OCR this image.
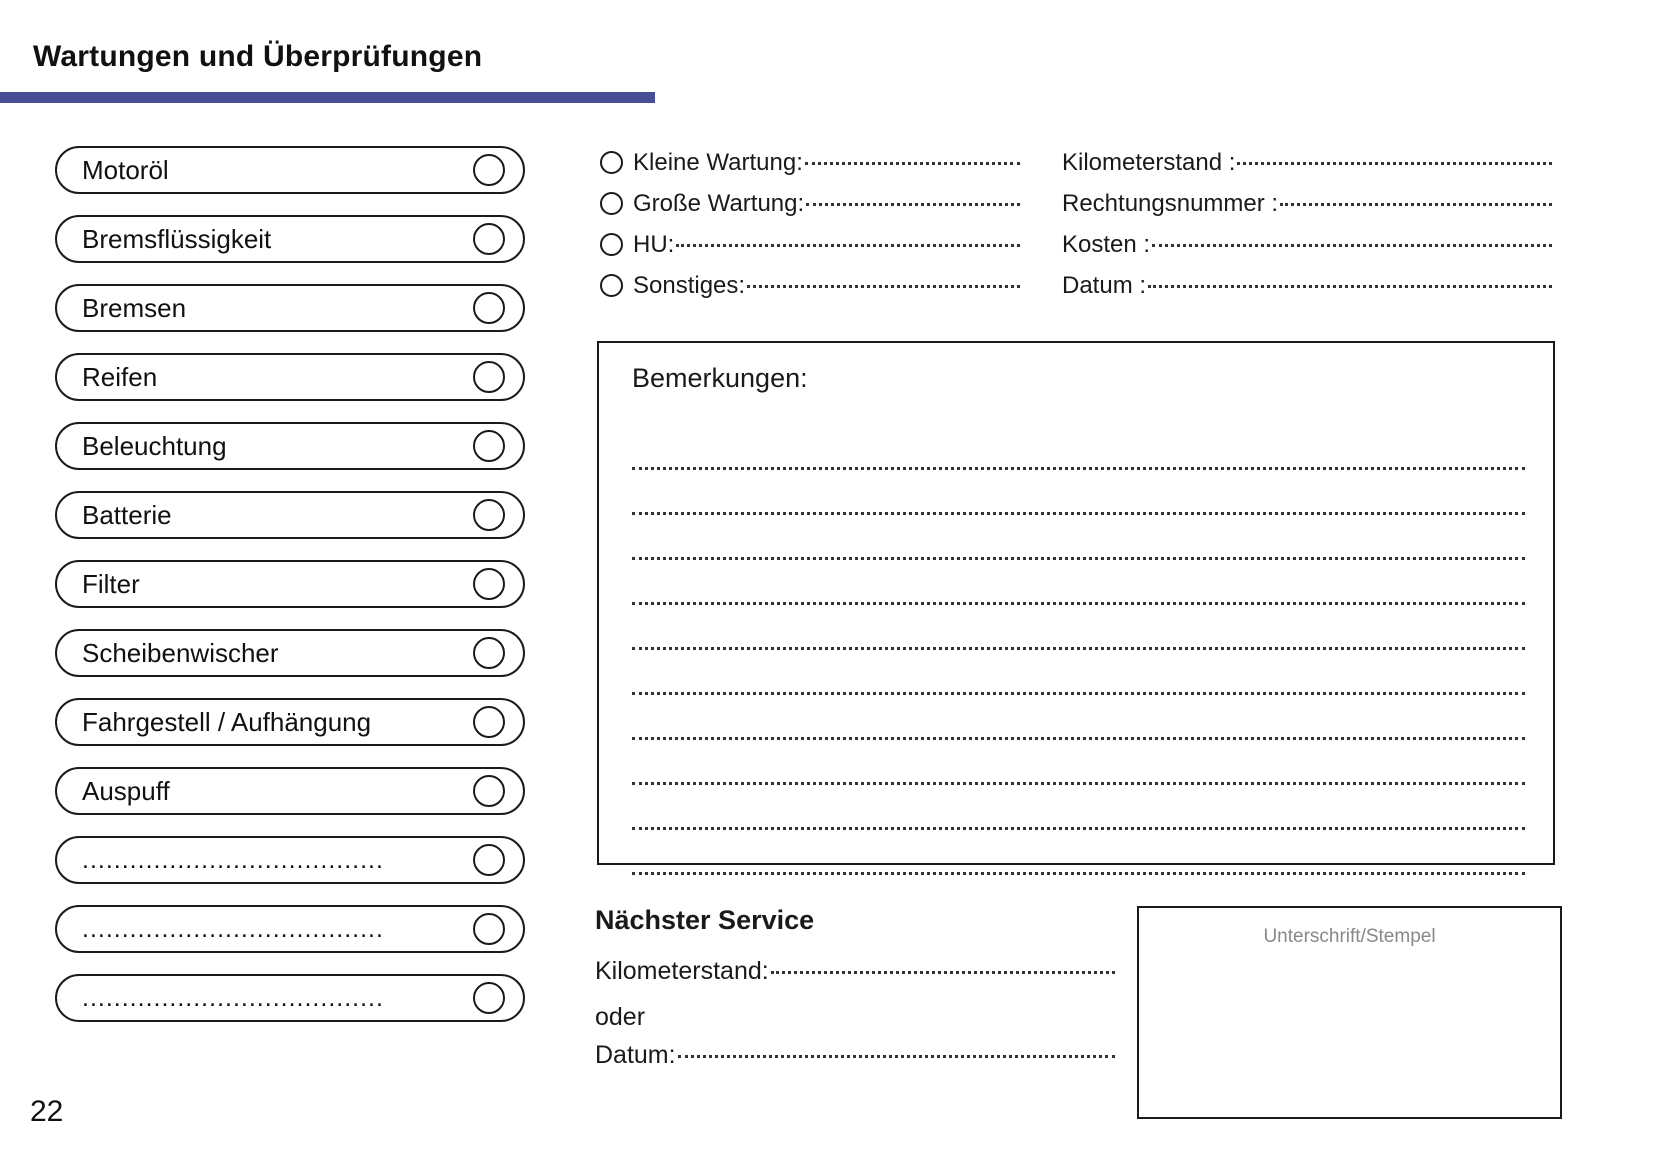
Wartungen und Überprüfungen
Motoröl
Bremsflüssigkeit
Bremsen
Reifen
Beleuchtung
Batterie
Filter
Scheibenwischer
Fahrgestell / Aufhängung
Auspuff
......................................
......................................
......................................
Kleine Wartung:
Große Wartung:
HU:
Sonstiges:
Kilometerstand :
Rechtungsnummer :
Kosten :
Datum :
Bemerkungen:
Nächster Service
Kilometerstand:
oder
Datum:
Unterschrift/Stempel
22
